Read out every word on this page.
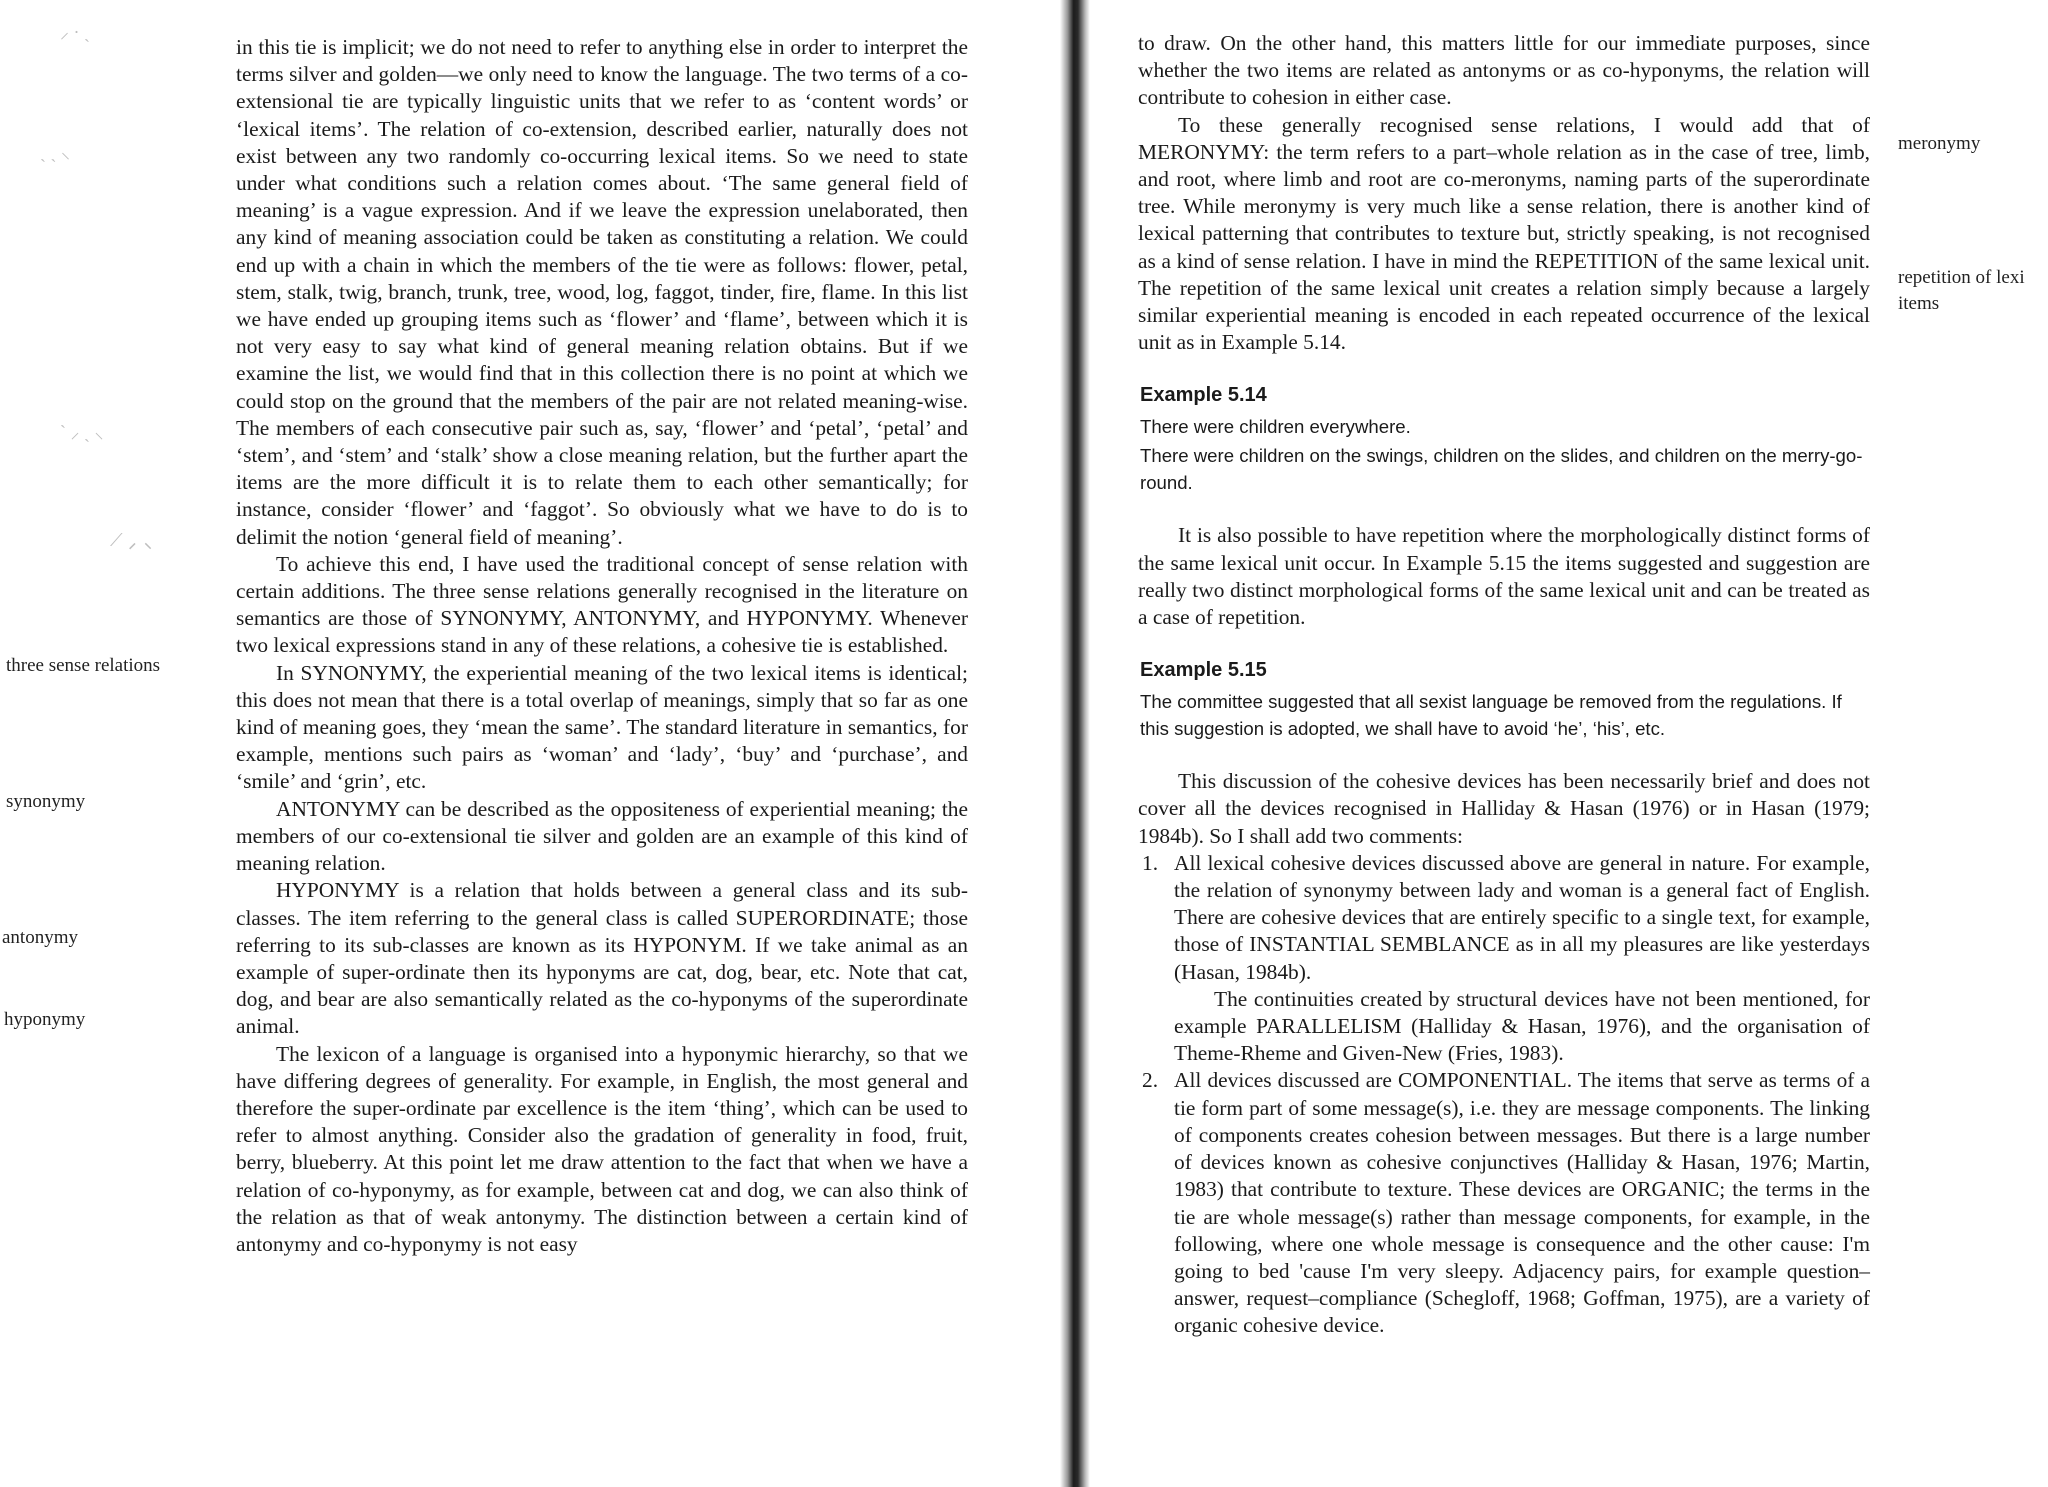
⸝ · ˎ
ˎ ˏ ⸜
ˋ ⸝ ˏ ⸜
⟋ ⸝ ⸜
three sense relations
synonymy
antonymy
hyponymy

in this tie is implicit; we do not need to refer to anything else in order to interpret the terms silver and golden—we only need to know the language. The two terms of a co-extensional tie are typically linguistic units that we refer to as ‘content words’ or ‘lexical items’. The relation of co-extension, described earlier, naturally does not exist between any two randomly co-occurring lexical items. So we need to state under what conditions such a relation comes about. ‘The same general field of meaning’ is a vague expression. And if we leave the expression unelaborated, then any kind of meaning association could be taken as constituting a relation. We could end up with a chain in which the members of the tie were as follows: flower, petal, stem, stalk, twig, branch, trunk, tree, wood, log, faggot, tinder, fire, flame. In this list we have ended up grouping items such as ‘flower’ and ‘flame’, between which it is not very easy to say what kind of general meaning relation obtains. But if we examine the list, we would find that in this collection there is no point at which we could stop on the ground that the members of the pair are not related meaning-wise. The members of each consecutive pair such as, say, ‘flower’ and ‘petal’, ‘petal’ and ‘stem’, and ‘stem’ and ‘stalk’ show a close meaning relation, but the further apart the items are the more difficult it is to relate them to each other semantically; for instance, consider ‘flower’ and ‘faggot’. So obviously what we have to do is to delimit the notion ‘general field of meaning’.

To achieve this end, I have used the traditional concept of sense relation with certain additions. The three sense relations generally recognised in the literature on semantics are those of SYNONYMY, ANTONYMY, and HYPONYMY. Whenever two lexical expressions stand in any of these relations, a cohesive tie is established.

In SYNONYMY, the experiential meaning of the two lexical items is identical; this does not mean that there is a total overlap of meanings, simply that so far as one kind of meaning goes, they ‘mean the same’. The standard literature in semantics, for example, mentions such pairs as ‘woman’ and ‘lady’, ‘buy’ and ‘purchase’, and ‘smile’ and ‘grin’, etc.

ANTONYMY can be described as the oppositeness of experiential meaning; the members of our co-extensional tie silver and golden are an example of this kind of meaning relation.

HYPONYMY is a relation that holds between a general class and its sub-classes. The item referring to the general class is called SUPERORDINATE; those referring to its sub-classes are known as its HYPONYM. If we take animal as an example of super-ordinate then its hyponyms are cat, dog, bear, etc. Note that cat, dog, and bear are also semantically related as the co-hyponyms of the superordinate animal.

The lexicon of a language is organised into a hyponymic hierarchy, so that we have differing degrees of generality. For example, in English, the most general and therefore the super-ordinate par excellence is the item ‘thing’, which can be used to refer to almost anything. Consider also the gradation of generality in food, fruit, berry, blueberry. At this point let me draw attention to the fact that when we have a relation of co-hyponymy, as for example, between cat and dog, we can also think of the relation as that of weak antonymy. The distinction between a certain kind of antonymy and co-hyponymy is not easy

to draw. On the other hand, this matters little for our immediate purposes, since whether the two items are related as antonyms or as co-hyponyms, the relation will contribute to cohesion in either case.

To these generally recognised sense relations, I would add that of MERONYMY: the term refers to a part–whole relation as in the case of tree, limb, and root, where limb and root are co-meronyms, naming parts of the superordinate tree. While meronymy is very much like a sense relation, there is another kind of lexical patterning that contributes to texture but, strictly speaking, is not recognised as a kind of sense relation. I have in mind the REPETITION of the same lexical unit. The repetition of the same lexical unit creates a relation simply because a largely similar experiential meaning is encoded in each repeated occurrence of the lexical unit as in Example 5.14.

Example 5.14
There were children everywhere.
There were children on the swings, children on the slides, and children on the merry-go-round.

It is also possible to have repetition where the morphologically distinct forms of the same lexical unit occur. In Example 5.15 the items suggested and suggestion are really two distinct morphological forms of the same lexical unit and can be treated as a case of repetition.

Example 5.15
The committee suggested that all sexist language be removed from the regulations. If this suggestion is adopted, we shall have to avoid ‘he’, ‘his’, etc.

This discussion of the cohesive devices has been necessarily brief and does not cover all the devices recognised in Halliday & Hasan (1976) or in Hasan (1979; 1984b). So I shall add two comments:

1. All lexical cohesive devices discussed above are general in nature. For example, the relation of synonymy between lady and woman is a general fact of English. There are cohesive devices that are entirely specific to a single text, for example, those of INSTANTIAL SEMBLANCE as in all my pleasures are like yesterdays (Hasan, 1984b).

The continuities created by structural devices have not been mentioned, for example PARALLELISM (Halliday & Hasan, 1976), and the organisation of Theme-Rheme and Given-New (Fries, 1983).

2. All devices discussed are COMPONENTIAL. The items that serve as terms of a tie form part of some message(s), i.e. they are message components. The linking of components creates cohesion between messages. But there is a large number of devices known as cohesive conjunctives (Halliday & Hasan, 1976; Martin, 1983) that contribute to texture. These devices are ORGANIC; the terms in the tie are whole message(s) rather than message components, for example, in the following, where one whole message is consequence and the other cause: I'm going to bed 'cause I'm very sleepy. Adjacency pairs, for example question–answer, request–compliance (Schegloff, 1968; Goffman, 1975), are a variety of organic cohesive device.

meronymy
repetition of lexi
items
